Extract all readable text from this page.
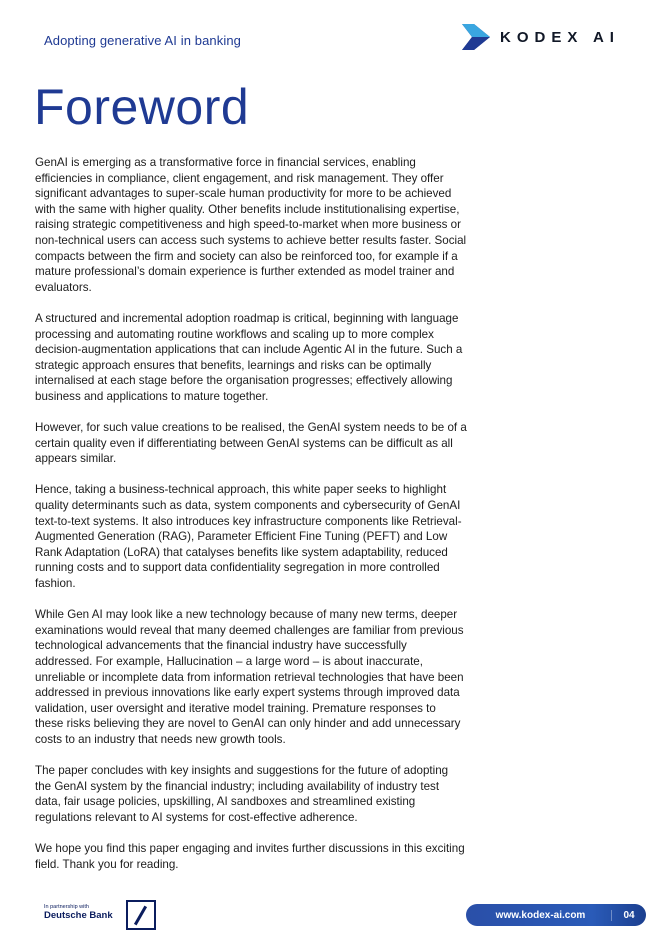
Adopting generative AI in banking	KODEX AI
Foreword

GenAI is emerging as a transformative force in financial services, enabling efficiencies in compliance, client engagement, and risk management. They offer significant advantages to super-scale human productivity for more to be achieved with the same with higher quality. Other benefits include institutionalising expertise, raising strategic competitiveness and high speed-to-market when more business or non-technical users can access such systems to achieve better results faster. Social compacts between the firm and society can also be reinforced too, for example if a mature professional’s domain experience is further extended as model trainer and evaluators.

A structured and incremental adoption roadmap is critical, beginning with language processing and automating routine workflows and scaling up to more complex decision-augmentation applications that can include Agentic AI in the future. Such a strategic approach ensures that benefits, learnings and risks can be optimally internalised at each stage before the organisation progresses; effectively allowing business and applications to mature together.

However, for such value creations to be realised, the GenAI system needs to be of a certain quality even if differentiating between GenAI systems can be difficult as all appears similar.

Hence, taking a business-technical approach, this white paper seeks to highlight quality determinants such as data, system components and cybersecurity of GenAI text-to-text systems. It also introduces key infrastructure components like Retrieval-Augmented Generation (RAG), Parameter Efficient Fine Tuning (PEFT) and Low Rank Adaptation (LoRA) that catalyses benefits like system adaptability, reduced running costs and to support data confidentiality segregation in more controlled fashion.

While Gen AI may look like a new technology because of many new terms, deeper examinations would reveal that many deemed challenges are familiar from previous technological advancements that the financial industry have successfully addressed. For example, Hallucination – a large word – is about inaccurate, unreliable or incomplete data from information retrieval technologies that have been addressed in previous innovations like early expert systems through improved data validation, user oversight and iterative model training. Premature responses to these risks believing they are novel to GenAI can only hinder and add unnecessary costs to an industry that needs new growth tools.

The paper concludes with key insights and suggestions for the future of adopting the GenAI system by the financial industry; including availability of industry test data, fair usage policies, upskilling, AI sandboxes and streamlined existing regulations relevant to AI systems for cost-effective adherence.

We hope you find this paper engaging and invites further discussions in this exciting field. Thank you for reading.

In partnership with
Deutsche Bank	www.kodex-ai.com	04
